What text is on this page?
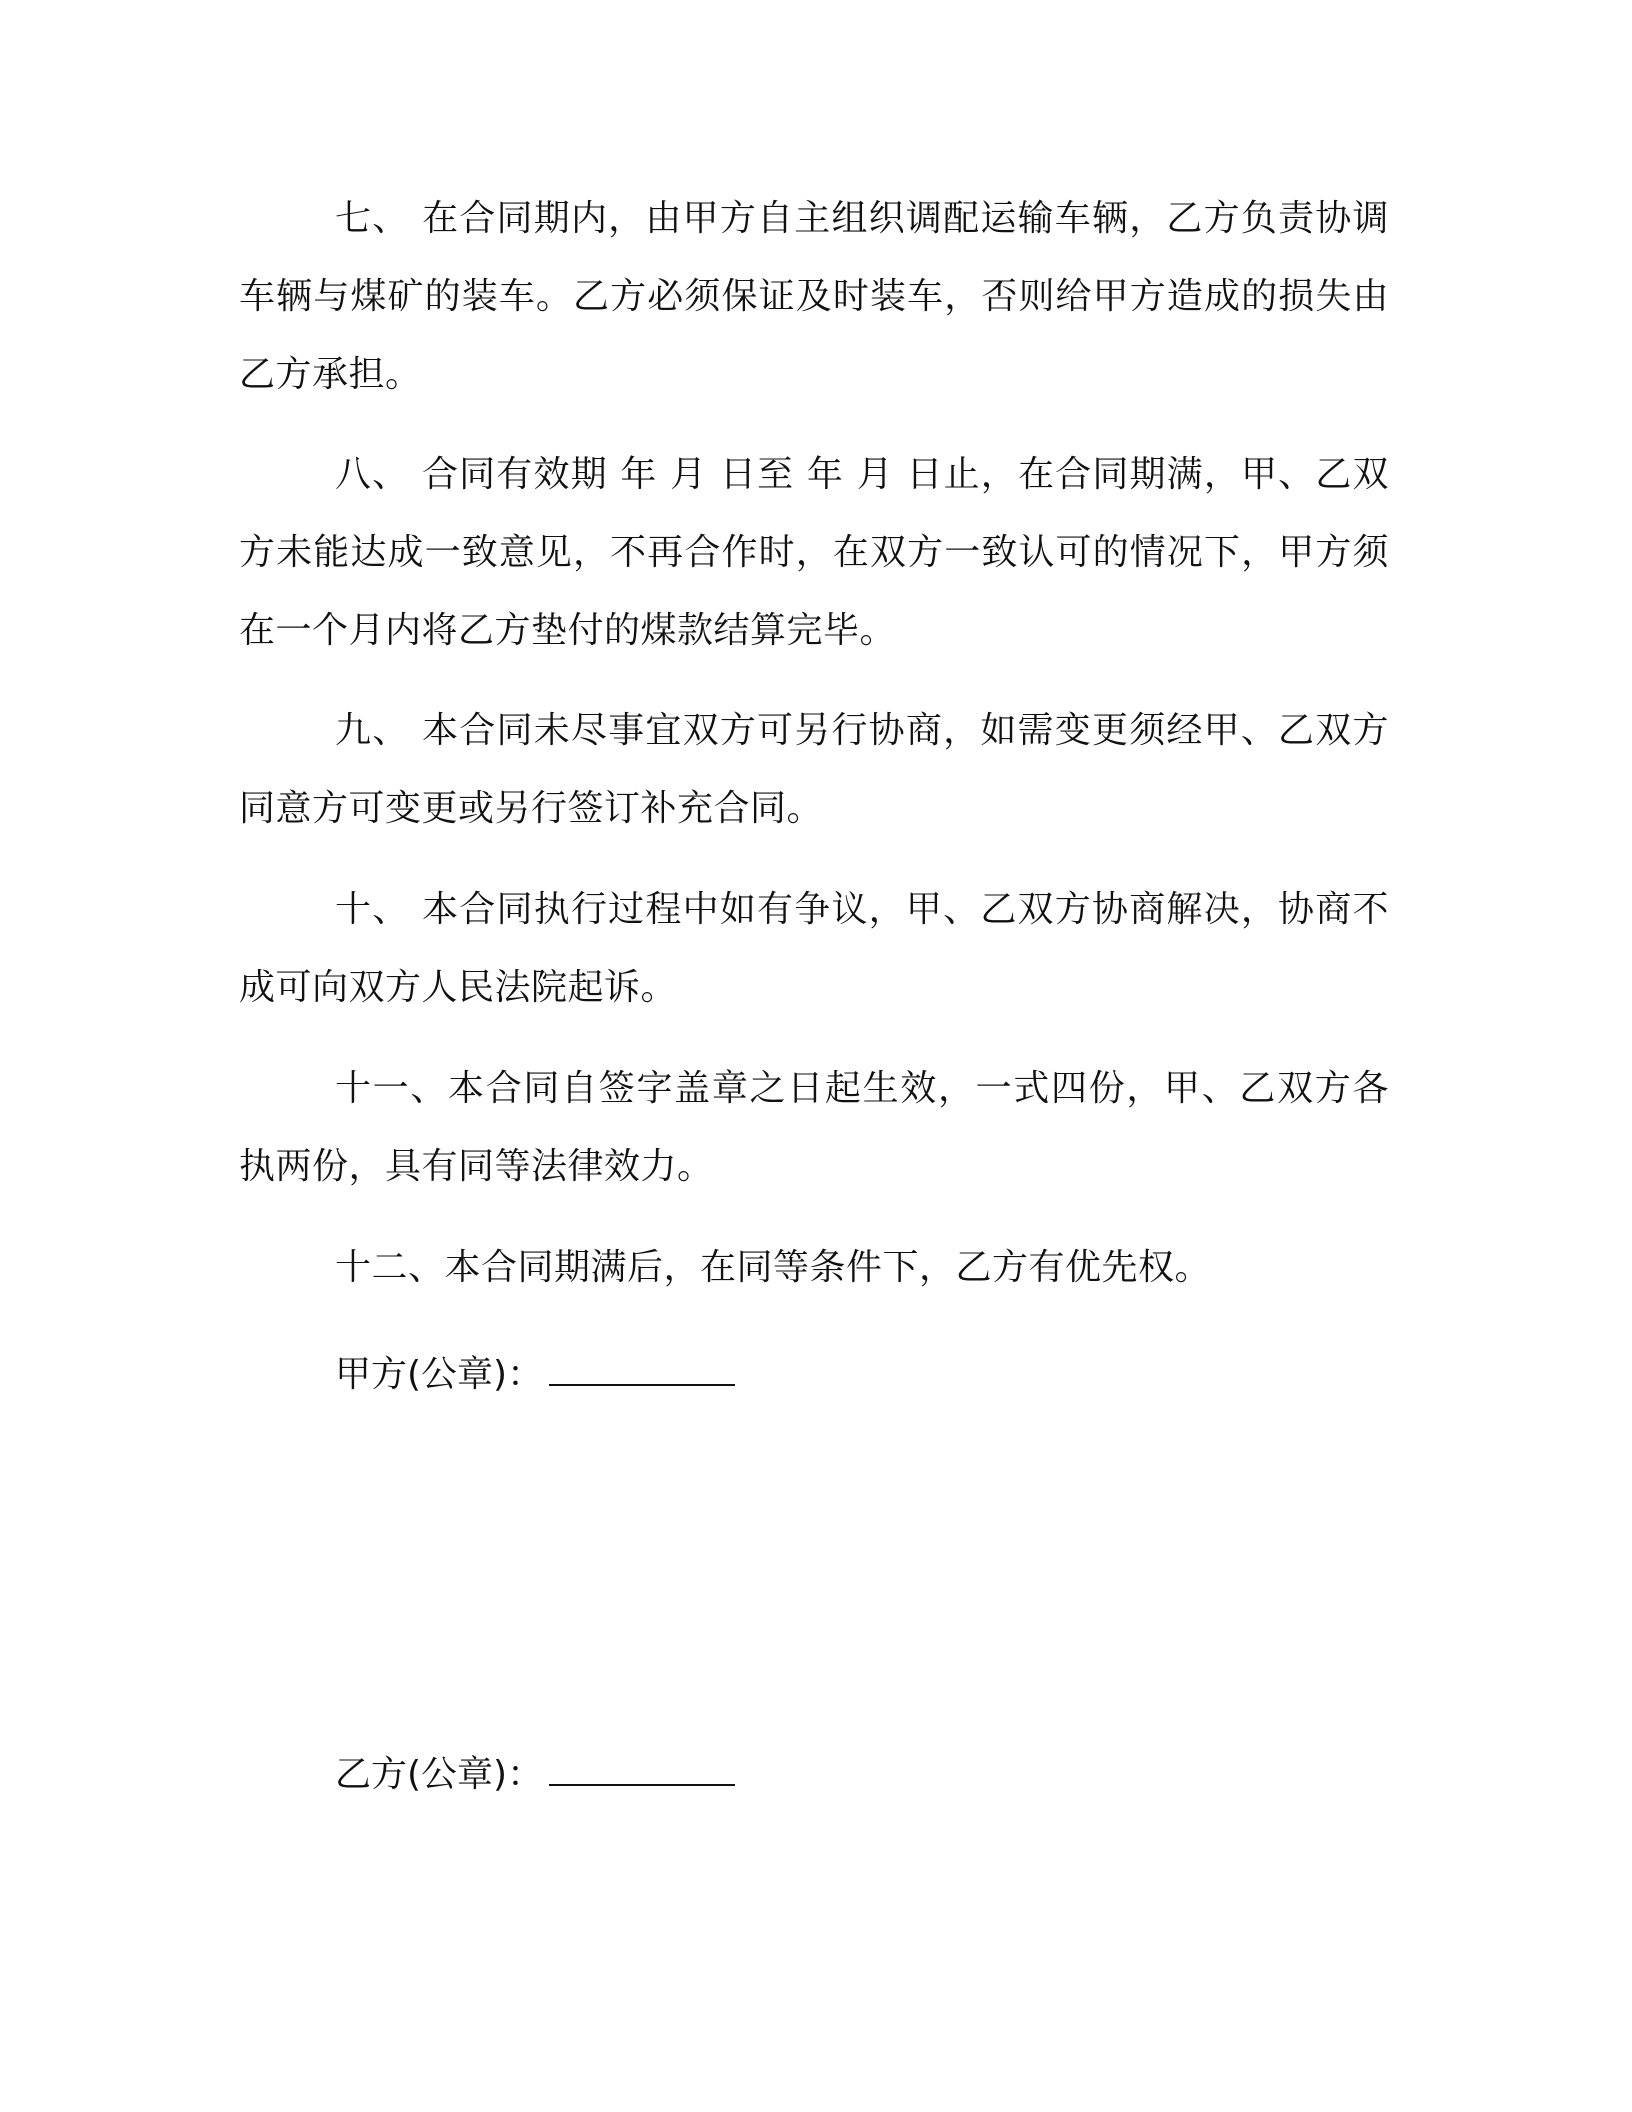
七、 在合同期内，由甲方自主组织调配运输车辆，乙方负责协调车辆与煤矿的装车。乙方必须保证及时装车，否则给甲方造成的损失由乙方承担。

八、 合同有效期 年 月 日至 年 月 日止，在合同期满，甲、乙双方未能达成一致意见，不再合作时，在双方一致认可的情况下，甲方须在一个月内将乙方垫付的煤款结算完毕。

九、 本合同未尽事宜双方可另行协商，如需变更须经甲、乙双方同意方可变更或另行签订补充合同。

十、 本合同执行过程中如有争议，甲、乙双方协商解决，协商不成可向双方人民法院起诉。

十一、本合同自签字盖章之日起生效，一式四份，甲、乙双方各执两份，具有同等法律效力。

十二、本合同期满后，在同等条件下，乙方有优先权。

甲方(公章)：
乙方(公章)：
